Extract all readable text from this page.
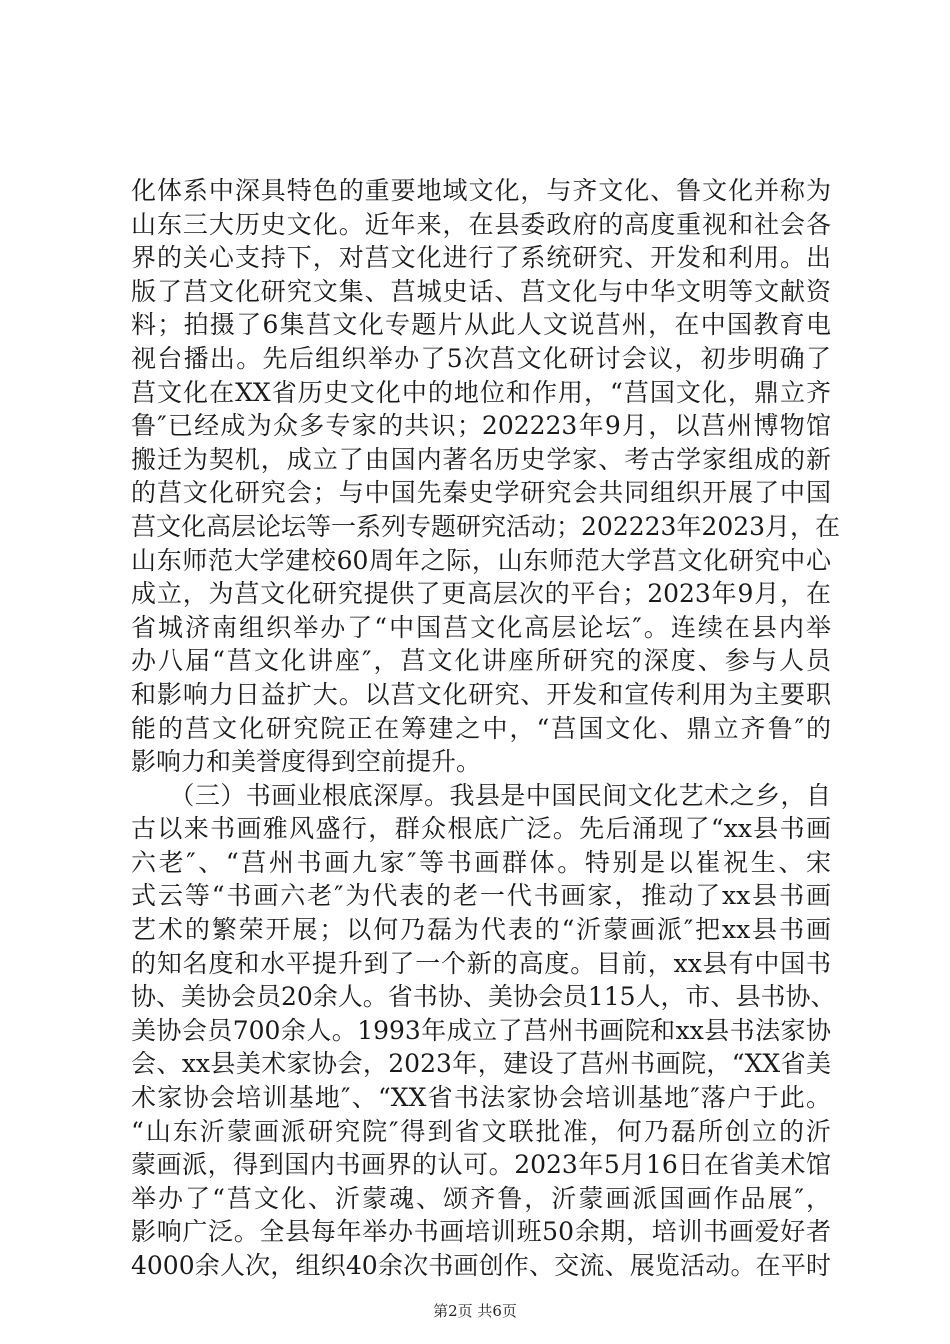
化体系中深具特色的重要地域文化，与齐文化、鲁文化并称为
山东三大历史文化。近年来，在县委政府的高度重视和社会各
界的关心支持下，对莒文化进行了系统研究、开发和利用。出
版了莒文化研究文集、莒城史话、莒文化与中华文明等文献资
料；拍摄了6集莒文化专题片从此人文说莒州，在中国教育电
视台播出。先后组织举办了5次莒文化研讨会议，初步明确了
莒文化在XX省历史文化中的地位和作用，“莒国文化，鼎立齐
鲁″已经成为众多专家的共识；202223年9月，以莒州博物馆
搬迁为契机，成立了由国内著名历史学家、考古学家组成的新
的莒文化研究会；与中国先秦史学研究会共同组织开展了中国
莒文化高层论坛等一系列专题研究活动；202223年2023月，在
山东师范大学建校60周年之际，山东师范大学莒文化研究中心
成立，为莒文化研究提供了更高层次的平台；2023年9月，在
省城济南组织举办了“中国莒文化高层论坛″。连续在县内举
办八届“莒文化讲座″，莒文化讲座所研究的深度、参与人员
和影响力日益扩大。以莒文化研究、开发和宣传利用为主要职
能的莒文化研究院正在筹建之中，“莒国文化、鼎立齐鲁″的
影响力和美誉度得到空前提升。
　　（三）书画业根底深厚。我县是中国民间文化艺术之乡，自
古以来书画雅风盛行，群众根底广泛。先后涌现了“xx县书画
六老″、“莒州书画九家″等书画群体。特别是以崔祝生、宋
式云等“书画六老″为代表的老一代书画家，推动了xx县书画
艺术的繁荣开展；以何乃磊为代表的“沂蒙画派″把xx县书画
的知名度和水平提升到了一个新的高度。目前，xx县有中国书
协、美协会员20余人。省书协、美协会员115人，市、县书协、
美协会员700余人。1993年成立了莒州书画院和xx县书法家协
会、xx县美术家协会，2023年，建设了莒州书画院，“XX省美
术家协会培训基地″、“XX省书法家协会培训基地″落户于此。
“山东沂蒙画派研究院″得到省文联批准，何乃磊所创立的沂
蒙画派，得到国内书画界的认可。2023年5月16日在省美术馆
举办了“莒文化、沂蒙魂、颂齐鲁，沂蒙画派国画作品展″，
影响广泛。全县每年举办书画培训班50余期，培训书画爱好者
4000余人次，组织40余次书画创作、交流、展览活动。在平时
第2页 共6页
